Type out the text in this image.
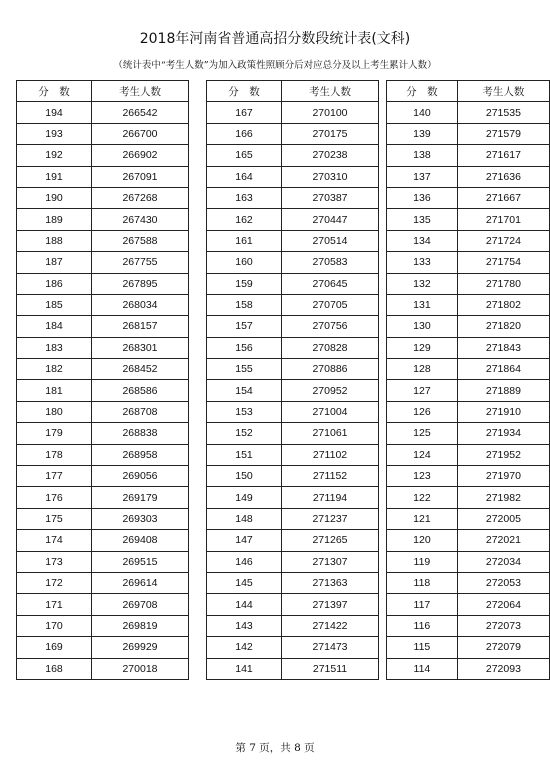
2018年河南省普通高招分数段统计表(文科)
（统计表中“考生人数”为加入政策性照顾分后对应总分及以上考生累计人数）
分　数	考生人数
194	266542
193	266700
192	266902
191	267091
190	267268
189	267430
188	267588
187	267755
186	267895
185	268034
184	268157
183	268301
182	268452
181	268586
180	268708
179	268838
178	268958
177	269056
176	269179
175	269303
174	269408
173	269515
172	269614
171	269708
170	269819
169	269929
168	270018
分　数	考生人数
167	270100
166	270175
165	270238
164	270310
163	270387
162	270447
161	270514
160	270583
159	270645
158	270705
157	270756
156	270828
155	270886
154	270952
153	271004
152	271061
151	271102
150	271152
149	271194
148	271237
147	271265
146	271307
145	271363
144	271397
143	271422
142	271473
141	271511
分　数	考生人数
140	271535
139	271579
138	271617
137	271636
136	271667
135	271701
134	271724
133	271754
132	271780
131	271802
130	271820
129	271843
128	271864
127	271889
126	271910
125	271934
124	271952
123	271970
122	271982
121	272005
120	272021
119	272034
118	272053
117	272064
116	272073
115	272079
114	272093
第 7 页，共 8 页
